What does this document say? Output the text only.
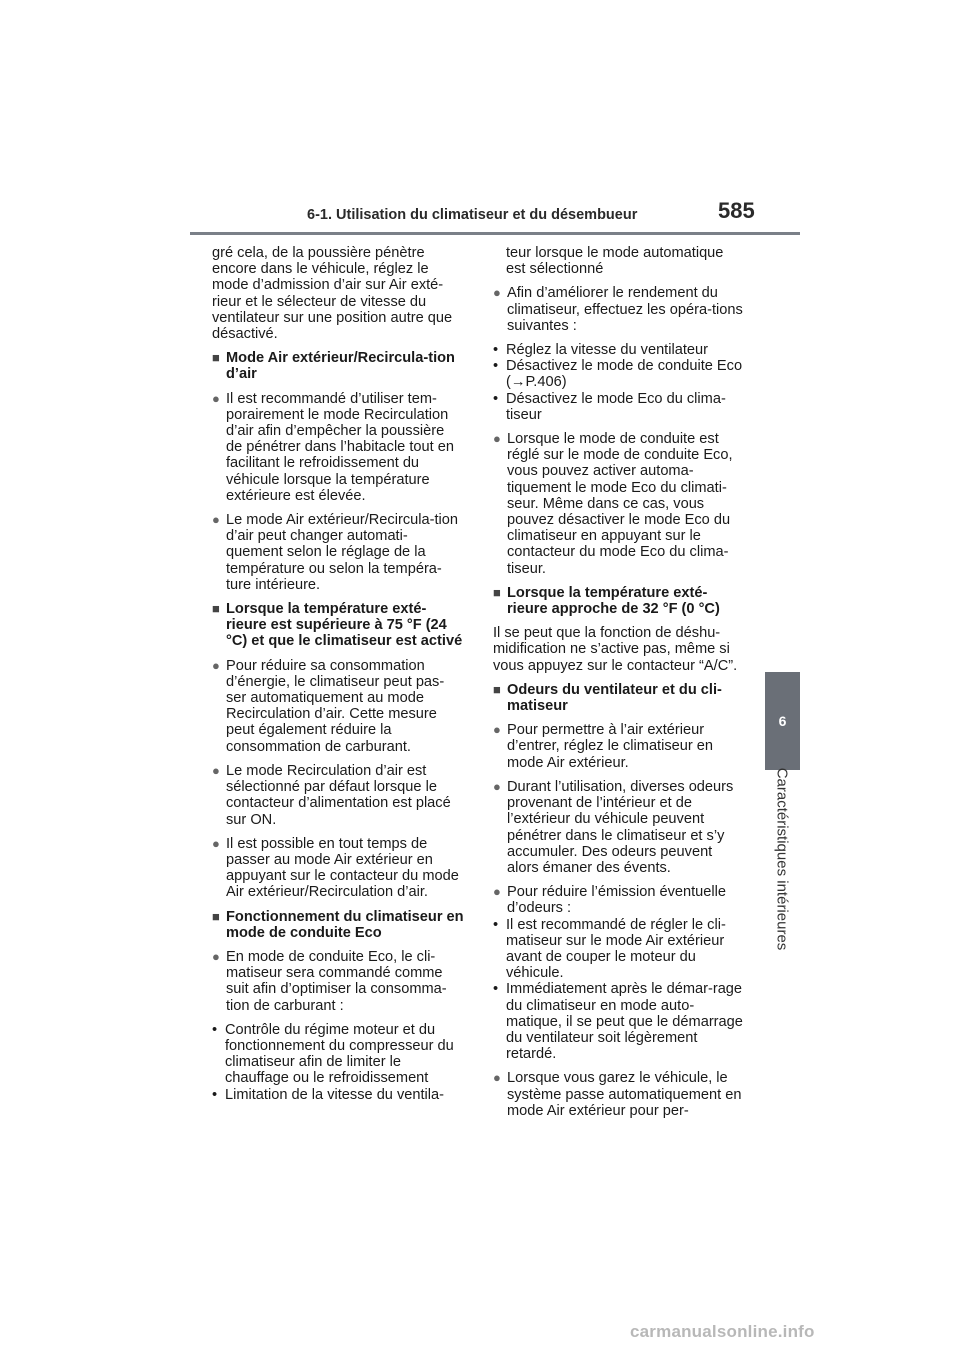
6-1. Utilisation du climatiseur et du désembueur	585
6
Caractéristiques intérieures
gré cela, de la poussière pénètre encore dans le véhicule, réglez le mode d’admission d’air sur Air exté-rieur et le sélecteur de vitesse du ventilateur sur une position autre que désactivé.
■ Mode Air extérieur/Recircula-tion d’air
● Il est recommandé d’utiliser tem-porairement le mode Recirculation d’air afin d’empêcher la poussière de pénétrer dans l’habitacle tout en facilitant le refroidissement du véhicule lorsque la température extérieure est élevée.
● Le mode Air extérieur/Recircula-tion d’air peut changer automati-quement selon le réglage de la température ou selon la tempéra-ture intérieure.
■ Lorsque la température exté-rieure est supérieure à 75 °F (24 °C) et que le climatiseur est activé
● Pour réduire sa consommation d’énergie, le climatiseur peut pas-ser automatiquement au mode Recirculation d’air. Cette mesure peut également réduire la consommation de carburant.
● Le mode Recirculation d’air est sélectionné par défaut lorsque le contacteur d’alimentation est placé sur ON.
● Il est possible en tout temps de passer au mode Air extérieur en appuyant sur le contacteur du mode Air extérieur/Recirculation d’air.
■ Fonctionnement du climatiseur en mode de conduite Eco
● En mode de conduite Eco, le cli-matiseur sera commandé comme suit afin d’optimiser la consomma-tion de carburant :
• Contrôle du régime moteur et du fonctionnement du compresseur du climatiseur afin de limiter le chauffage ou le refroidissement
• Limitation de la vitesse du ventila-
teur lorsque le mode automatique est sélectionné
● Afin d’améliorer le rendement du climatiseur, effectuez les opéra-tions suivantes :
• Réglez la vitesse du ventilateur
• Désactivez le mode de conduite Eco (→P.406)
• Désactivez le mode Eco du clima-tiseur
● Lorsque le mode de conduite est réglé sur le mode de conduite Eco, vous pouvez activer automa-tiquement le mode Eco du climati-seur. Même dans ce cas, vous pouvez désactiver le mode Eco du climatiseur en appuyant sur le contacteur du mode Eco du clima-tiseur.
■ Lorsque la température exté-rieure approche de 32 °F (0 °C)
Il se peut que la fonction de déshu-midification ne s’active pas, même si vous appuyez sur le contacteur “A/C”.
■ Odeurs du ventilateur et du cli-matiseur
● Pour permettre à l’air extérieur d’entrer, réglez le climatiseur en mode Air extérieur.
● Durant l’utilisation, diverses odeurs provenant de l’intérieur et de l’extérieur du véhicule peuvent pénétrer dans le climatiseur et s’y accumuler. Des odeurs peuvent alors émaner des évents.
● Pour réduire l’émission éventuelle d’odeurs :
• Il est recommandé de régler le cli-matiseur sur le mode Air extérieur avant de couper le moteur du véhicule.
• Immédiatement après le démar-rage du climatiseur en mode auto-matique, il se peut que le démarrage du ventilateur soit légèrement retardé.
● Lorsque vous garez le véhicule, le système passe automatiquement en mode Air extérieur pour per-
carmanualsonline.info
